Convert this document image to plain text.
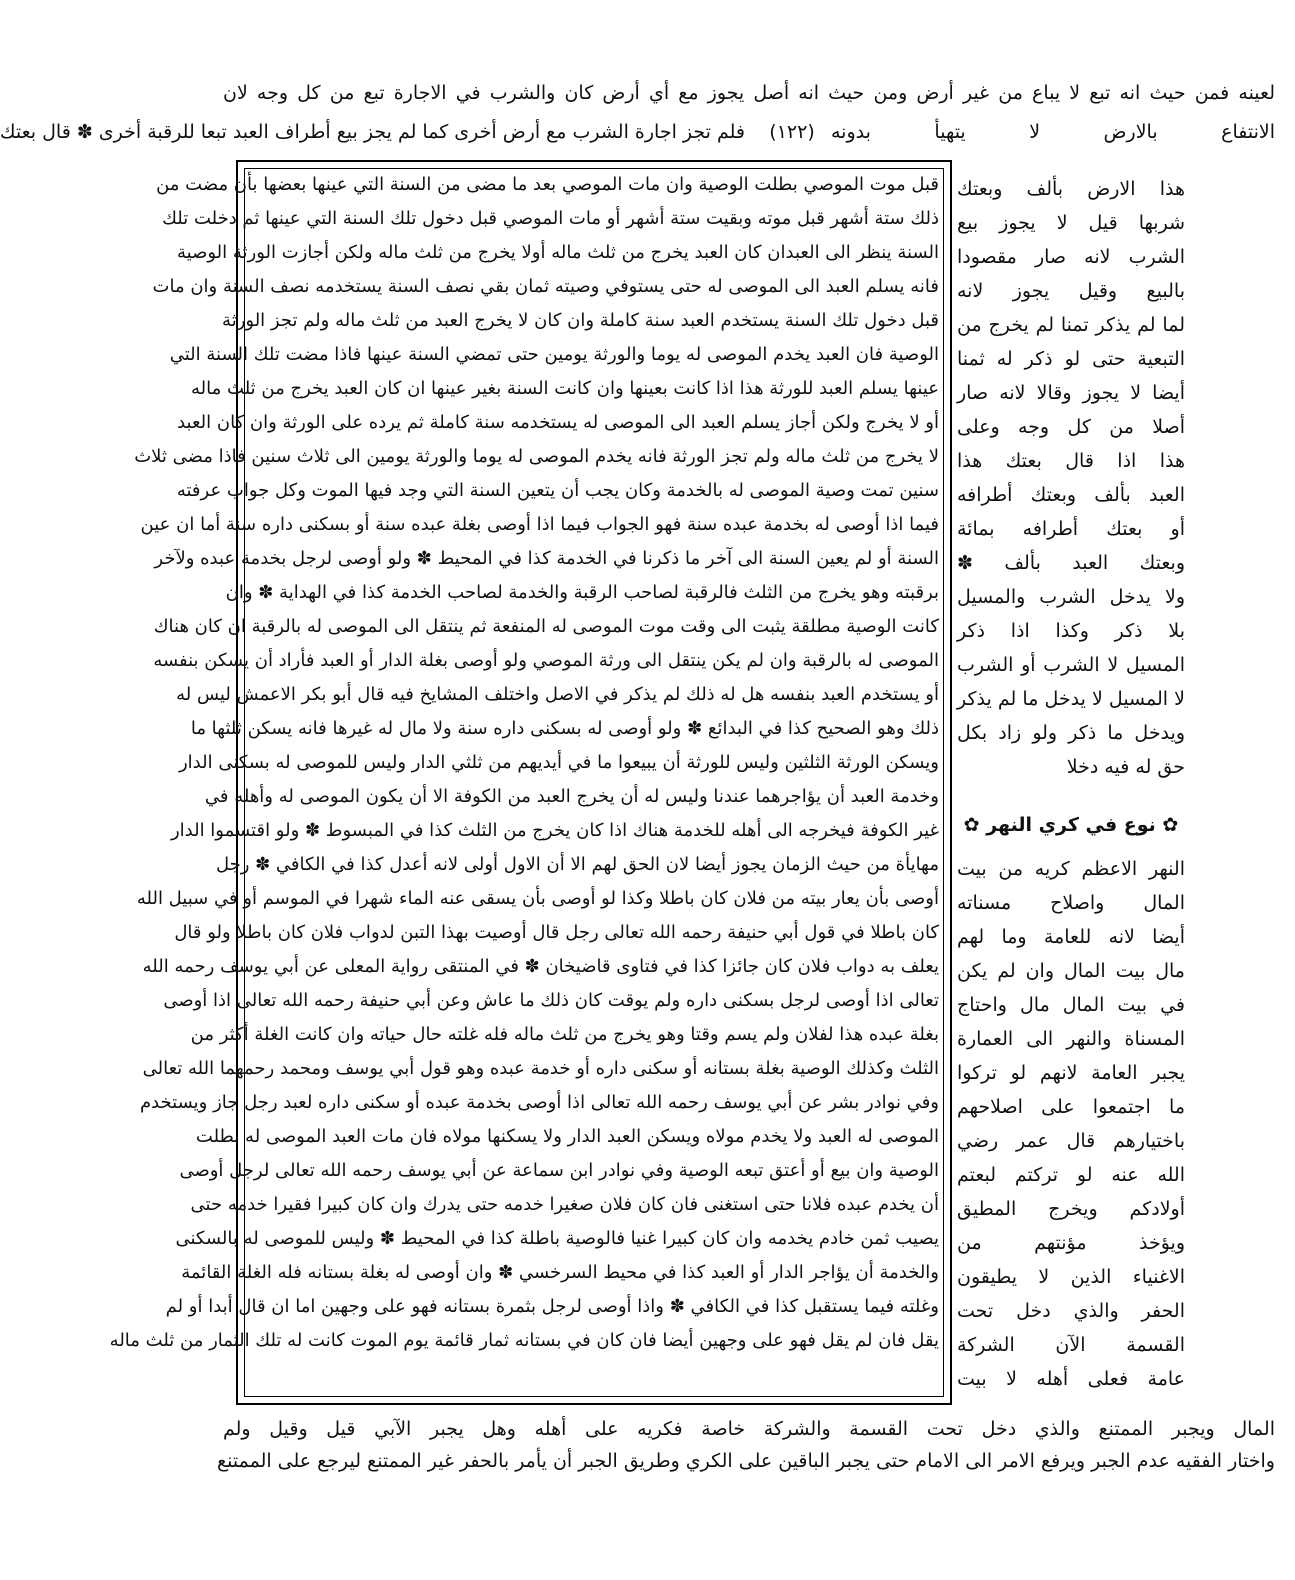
لعينه فمن حيث انه تبع لا يباع من غير أرض ومن حيث انه أصل يجوز مع أي أرض كان والشرب في الاجارة تبع من كل وجه لان
فلم تجز اجارة الشرب مع أرض أخرى كما لم يجز بيع أطراف العبد تبعا للرقبة أخرى ✽ قال بعتك	(١٢٢) الانتفاع بالارض لا يتهيأ بدونه
قبل موت الموصي بطلت الوصية وان مات الموصي بعد ما مضى من السنة التي عينها بعضها بأن مضت من
ذلك ستة أشهر قبل موته وبقيت ستة أشهر أو مات الموصي قبل دخول تلك السنة التي عينها ثم دخلت تلك
السنة ينظر الى العبدان كان العبد يخرج من ثلث ماله أولا يخرج من ثلث ماله ولكن أجازت الورثة الوصية
فانه يسلم العبد الى الموصى له حتى يستوفي وصيته ثمان بقي نصف السنة يستخدمه نصف السنة وان مات
قبل دخول تلك السنة يستخدم العبد سنة كاملة وان كان لا يخرج العبد من ثلث ماله ولم تجز الورثة
الوصية فان العبد يخدم الموصى له يوما والورثة يومين حتى تمضي السنة عينها فاذا مضت تلك السنة التي
عينها يسلم العبد للورثة هذا اذا كانت بعينها وان كانت السنة بغير عينها ان كان العبد يخرج من ثلث ماله
أو لا يخرج ولكن أجاز يسلم العبد الى الموصى له يستخدمه سنة كاملة ثم يرده على الورثة وان كان العبد
لا يخرج من ثلث ماله ولم تجز الورثة فانه يخدم الموصى له يوما والورثة يومين الى ثلاث سنين فاذا مضى ثلاث
سنين تمت وصية الموصى له بالخدمة وكان يجب أن يتعين السنة التي وجد فيها الموت وكل جواب عرفته
فيما اذا أوصى له بخدمة عبده سنة فهو الجواب فيما اذا أوصى بغلة عبده سنة أو بسكنى داره سنة أما ان عين
السنة أو لم يعين السنة الى آخر ما ذكرنا في الخدمة كذا في المحيط ✽ ولو أوصى لرجل بخدمة عبده ولآخر
برقبته وهو يخرج من الثلث فالرقبة لصاحب الرقبة والخدمة لصاحب الخدمة كذا في الهداية ✽ وان
كانت الوصية مطلقة يثبت الى وقت موت الموصى له المنفعة ثم ينتقل الى الموصى له بالرقبة ان كان هناك
الموصى له بالرقبة وان لم يكن ينتقل الى ورثة الموصي ولو أوصى بغلة الدار أو العبد فأراد أن يسكن بنفسه
أو يستخدم العبد بنفسه هل له ذلك لم يذكر في الاصل واختلف المشايخ فيه قال أبو بكر الاعمش ليس له
ذلك وهو الصحيح كذا في البدائع ✽ ولو أوصى له بسكنى داره سنة ولا مال له غيرها فانه يسكن ثلثها ما
ويسكن الورثة الثلثين وليس للورثة أن يبيعوا ما في أيديهم من ثلثي الدار وليس للموصى له بسكنى الدار
وخدمة العبد أن يؤاجرهما عندنا وليس له أن يخرج العبد من الكوفة الا أن يكون الموصى له وأهله في
غير الكوفة فيخرجه الى أهله للخدمة هناك اذا كان يخرج من الثلث كذا في المبسوط ✽ ولو اقتسموا الدار
مهايأة من حيث الزمان يجوز أيضا لان الحق لهم الا أن الاول أولى لانه أعدل كذا في الكافي ✽ رجل
أوصى بأن يعار بيته من فلان كان باطلا وكذا لو أوصى بأن يسقى عنه الماء شهرا في الموسم أو في سبيل الله
كان باطلا في قول أبي حنيفة رحمه الله تعالى رجل قال أوصيت بهذا التبن لدواب فلان كان باطلا ولو قال
يعلف به دواب فلان كان جائزا كذا في فتاوى قاضيخان ✽ في المنتقى رواية المعلى عن أبي يوسف رحمه الله
تعالى اذا أوصى لرجل بسكنى داره ولم يوقت كان ذلك ما عاش وعن أبي حنيفة رحمه الله تعالى اذا أوصى
بغلة عبده هذا لفلان ولم يسم وقتا وهو يخرج من ثلث ماله فله غلته حال حياته وان كانت الغلة أكثر من
الثلث وكذلك الوصية بغلة بستانه أو سكنى داره أو خدمة عبده وهو قول أبي يوسف ومحمد رحمهما الله تعالى
وفي نوادر بشر عن أبي يوسف رحمه الله تعالى اذا أوصى بخدمة عبده أو سكنى داره لعبد رجل جاز ويستخدم
الموصى له العبد ولا يخدم مولاه ويسكن العبد الدار ولا يسكنها مولاه فان مات العبد الموصى له بطلت
الوصية وان بيع أو أعتق تبعه الوصية وفي نوادر ابن سماعة عن أبي يوسف رحمه الله تعالى لرجل أوصى
أن يخدم عبده فلانا حتى استغنى فان كان فلان صغيرا خدمه حتى يدرك وان كان كبيرا فقيرا خدمه حتى
يصيب ثمن خادم يخدمه وان كان كبيرا غنيا فالوصية باطلة كذا في المحيط ✽ وليس للموصى له بالسكنى
والخدمة أن يؤاجر الدار أو العبد كذا في محيط السرخسي ✽ وان أوصى له بغلة بستانه فله الغلة القائمة
وغلته فيما يستقبل كذا في الكافي ✽ واذا أوصى لرجل بثمرة بستانه فهو على وجهين اما ان قال أبدا أو لم
يقل فان لم يقل فهو على وجهين أيضا فان كان في بستانه ثمار قائمة يوم الموت كانت له تلك الثمار من ثلث ماله
هذا الارض بألف وبعتك
شربها قيل لا يجوز بيع
الشرب لانه صار مقصودا
بالبيع وقيل يجوز لانه
لما لم يذكر تمنا لم يخرج من
التبعية حتى لو ذكر له ثمنا
أيضا لا يجوز وقالا لانه صار
أصلا من كل وجه وعلى
هذا اذا قال بعتك هذا
العبد بألف وبعتك أطرافه
أو بعتك أطرافه بمائة
وبعتك العبد بألف ✽
ولا يدخل الشرب والمسيل
بلا ذكر وكذا اذا ذكر
المسيل لا الشرب أو الشرب
لا المسيل لا يدخل ما لم يذكر
ويدخل ما ذكر ولو زاد بكل
حق له فيه دخلا
✿ نوع في كري النهر ✿
النهر الاعظم كريه من بيت
المال واصلاح مسناته
أيضا لانه للعامة وما لهم
مال بيت المال وان لم يكن
في بيت المال مال واحتاج
المسناة والنهر الى العمارة
يجبر العامة لانهم لو تركوا
ما اجتمعوا على اصلاحهم
باختيارهم قال عمر رضي
الله عنه لو تركتم لبعتم
أولادكم ويخرج المطيق
ويؤخذ مؤنتهم من
الاغنياء الذين لا يطيقون
الحفر والذي دخل تحت
القسمة الآن الشركة
عامة فعلى أهله لا بيت
المال ويجبر الممتنع والذي دخل تحت القسمة والشركة خاصة فكريه على أهله وهل يجبر الآبي قيل وقيل ولم
واختار الفقيه عدم الجبر ويرفع الامر الى الامام حتى يجبر الباقين على الكري وطريق الجبر أن يأمر بالحفر غير الممتنع ليرجع على الممتنع
